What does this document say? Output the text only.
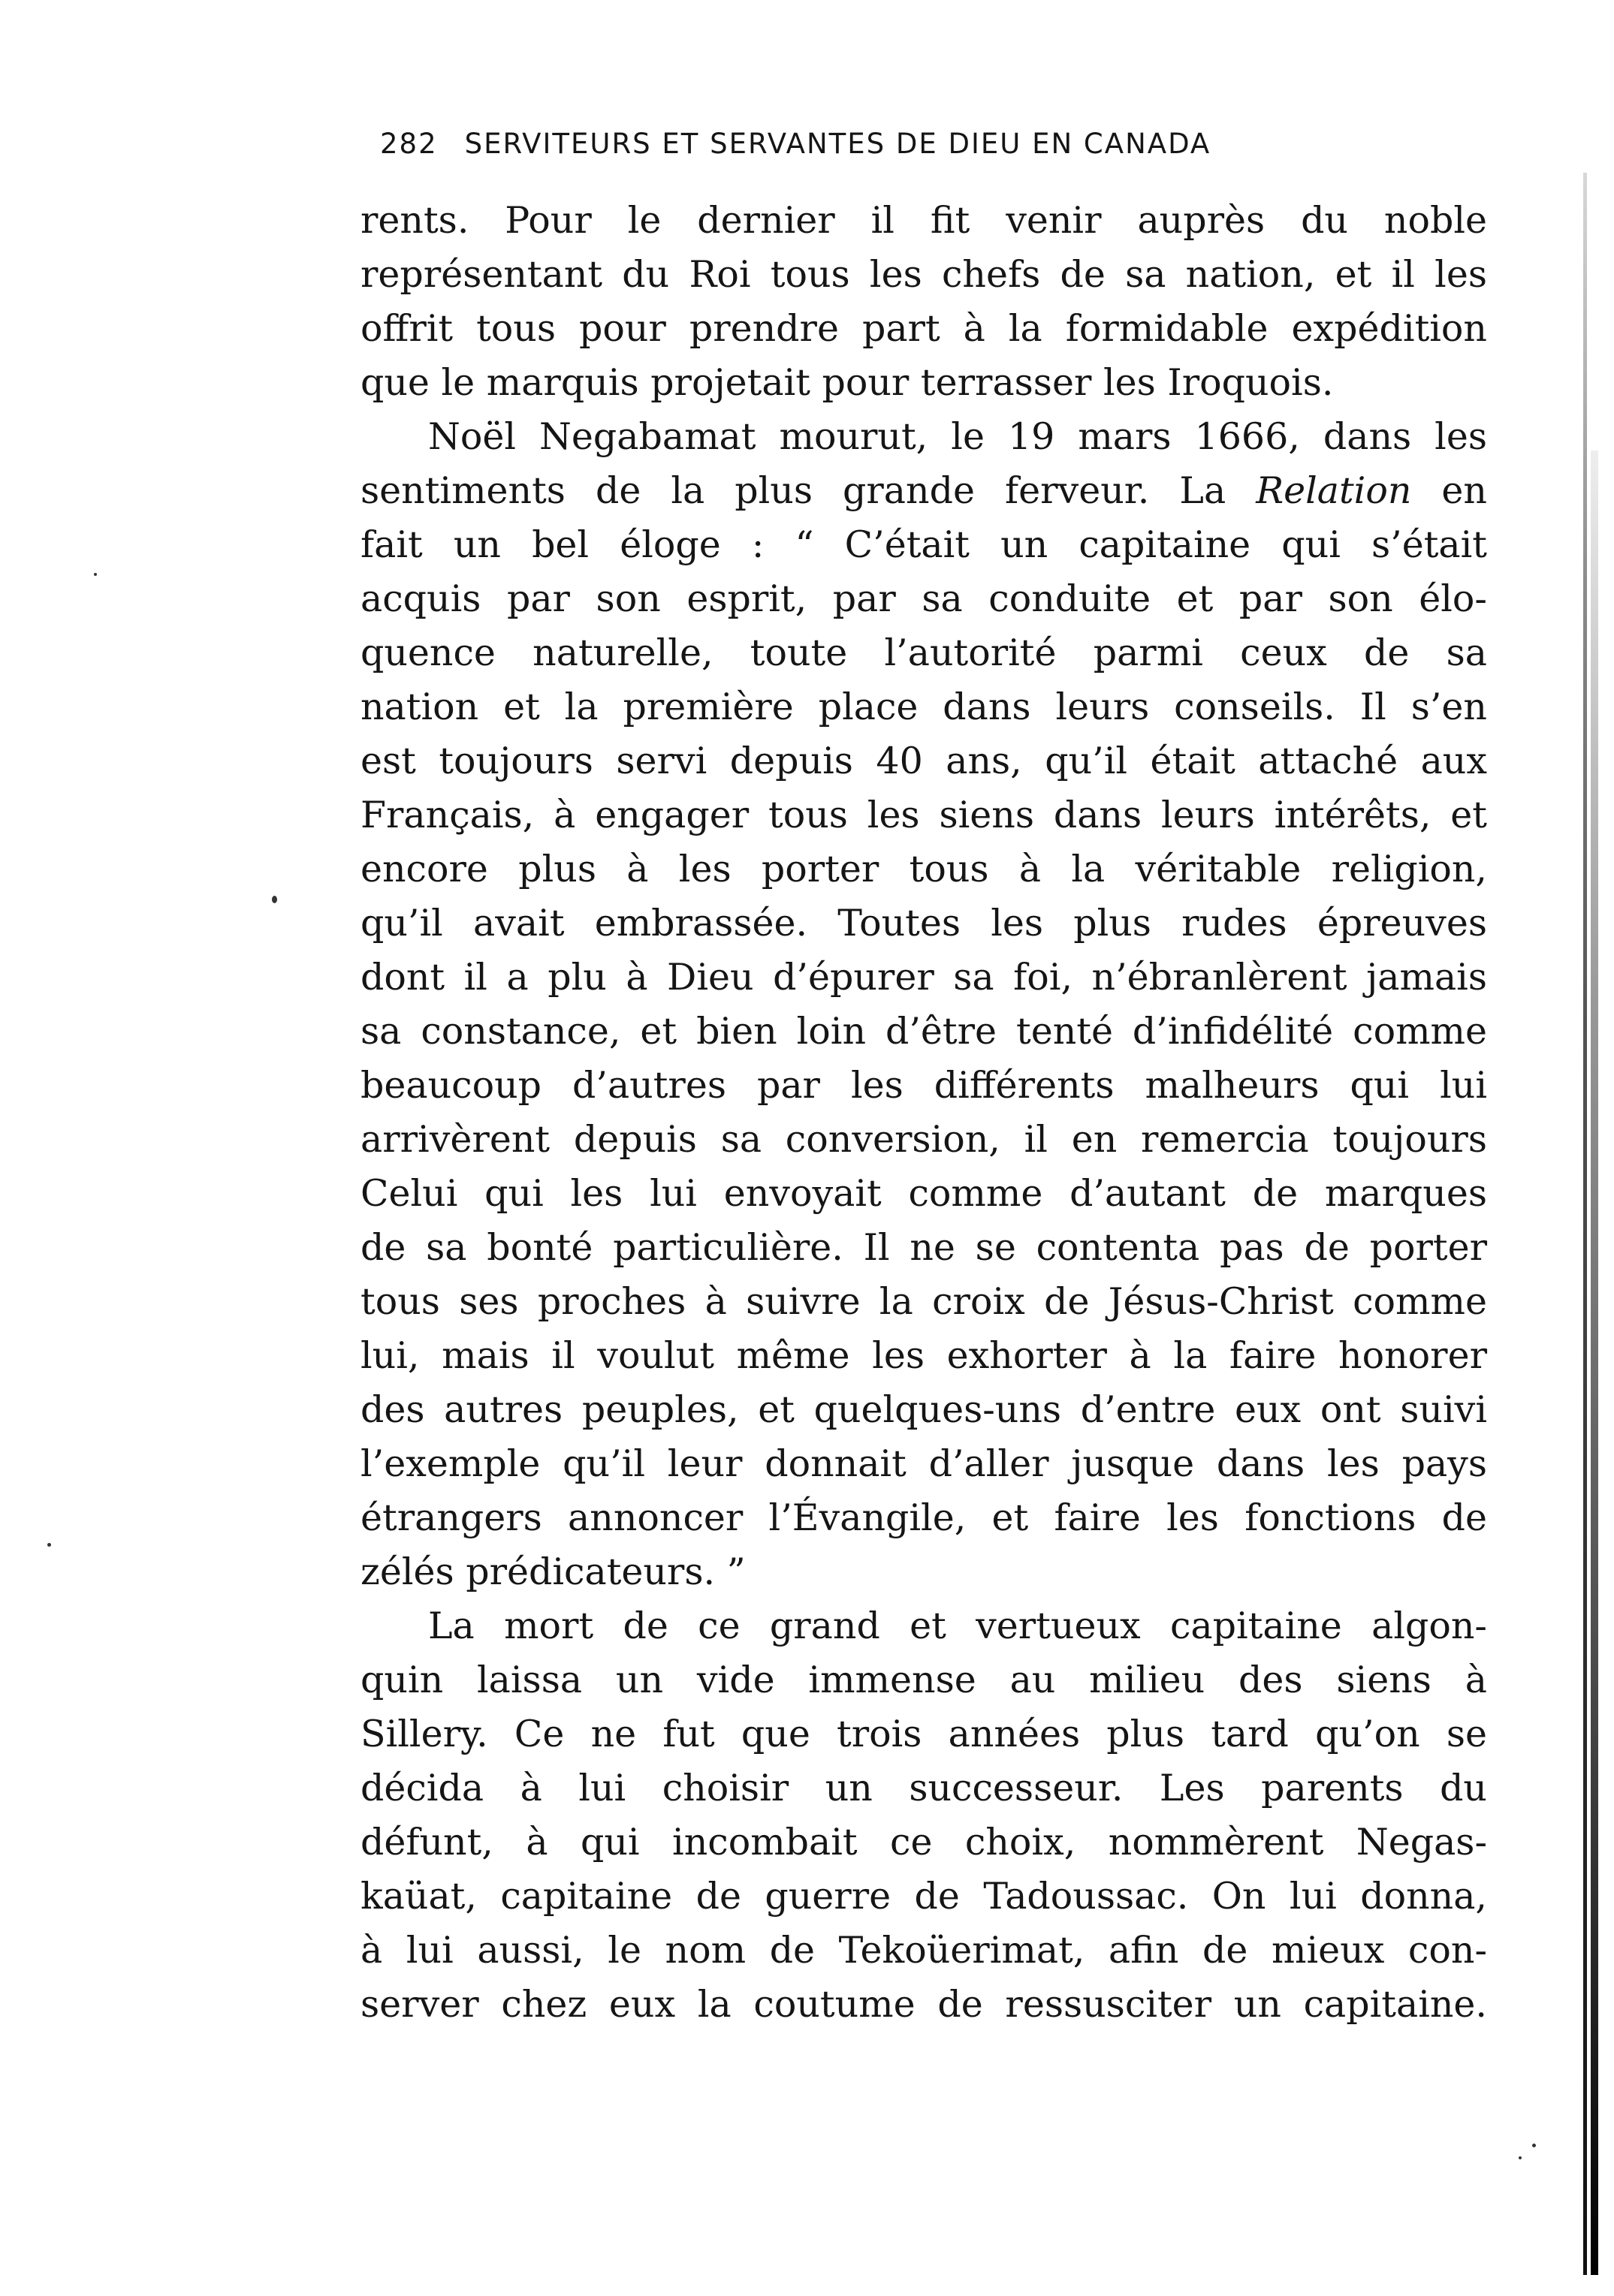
282 SERVITEURS ET SERVANTES DE DIEU EN CANADA
rents. Pour le dernier il fit venir auprès du noble
représentant du Roi tous les chefs de sa nation, et il les
offrit tous pour prendre part à la formidable expédition
que le marquis projetait pour terrasser les Iroquois.
Noël Negabamat mourut, le 19 mars 1666, dans les
sentiments de la plus grande ferveur. La Relation en
fait un bel éloge : “ C’était un capitaine qui s’était
acquis par son esprit, par sa conduite et par son élo-
quence naturelle, toute l’autorité parmi ceux de sa
nation et la première place dans leurs conseils. Il s’en
est toujours servi depuis 40 ans, qu’il était attaché aux
Français, à engager tous les siens dans leurs intérêts, et
encore plus à les porter tous à la véritable religion,
qu’il avait embrassée. Toutes les plus rudes épreuves
dont il a plu à Dieu d’épurer sa foi, n’ébranlèrent jamais
sa constance, et bien loin d’être tenté d’infidélité comme
beaucoup d’autres par les différents malheurs qui lui
arrivèrent depuis sa conversion, il en remercia toujours
Celui qui les lui envoyait comme d’autant de marques
de sa bonté particulière. Il ne se contenta pas de porter
tous ses proches à suivre la croix de Jésus-Christ comme
lui, mais il voulut même les exhorter à la faire honorer
des autres peuples, et quelques-uns d’entre eux ont suivi
l’exemple qu’il leur donnait d’aller jusque dans les pays
étrangers annoncer l’Évangile, et faire les fonctions de
zélés prédicateurs. ”
La mort de ce grand et vertueux capitaine algon-
quin laissa un vide immense au milieu des siens à
Sillery. Ce ne fut que trois années plus tard qu’on se
décida à lui choisir un successeur. Les parents du
défunt, à qui incombait ce choix, nommèrent Negas-
kaüat, capitaine de guerre de Tadoussac. On lui donna,
à lui aussi, le nom de Tekoüerimat, afin de mieux con-
server chez eux la coutume de ressusciter un capitaine.
